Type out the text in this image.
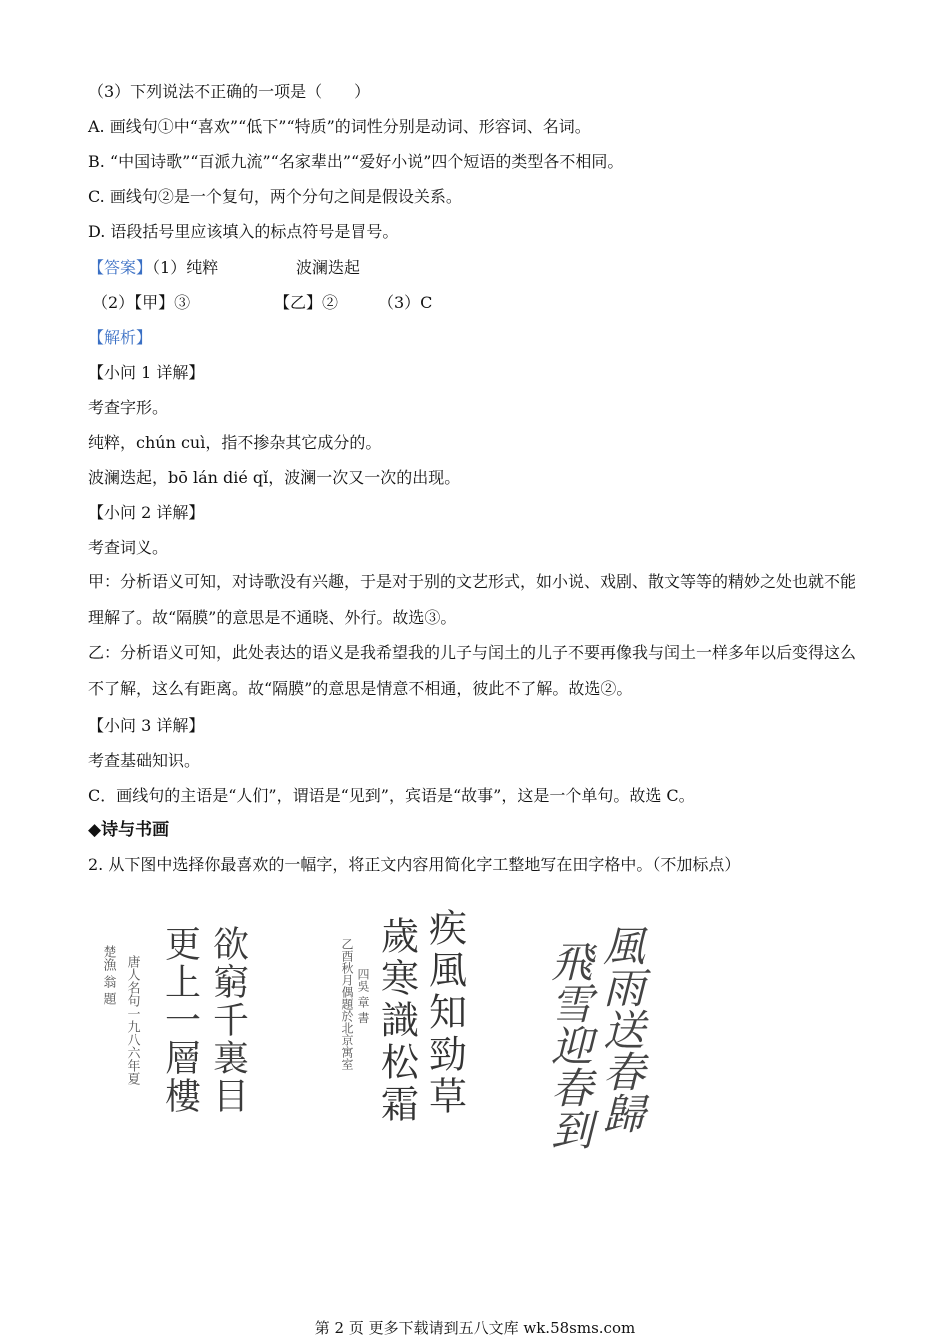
（3）下列说法不正确的一项是（　　）
A. 画线句①中“喜欢”“低下”“特质”的词性分别是动词、形容词、名词。
B. “中国诗歌”“百派九流”“名家辈出”“爱好小说”四个短语的类型各不相同。
C. 画线句②是一个复句，两个分句之间是假设关系。
D. 语段括号里应该填入的标点符号是冒号。
【答案】（1）纯粹	波澜迭起
（2）【甲】③	【乙】② （3）C
【解析】
【小问 1 详解】
考查字形。
纯粹，chún cuì，指不掺杂其它成分的。
波澜迭起，bō lán dié qǐ，波澜一次又一次的出现。
【小问 2 详解】
考查词义。
甲：分析语义可知，对诗歌没有兴趣，于是对于别的文艺形式，如小说、戏剧、散文等等的精妙之处也就不能理解了。故“隔膜”的意思是不通晓、外行。故选③。
乙：分析语义可知，此处表达的语义是我希望我的儿子与闰土的儿子不要再像我与闰土一样多年以后变得这么不了解，这么有距离。故“隔膜”的意思是情意不相通，彼此不了解。故选②。
【小问 3 详解】
考查基础知识。
C．画线句的主语是“人们”，谓语是“见到”，宾语是“故事”，这是一个单句。故选 C。
◆诗与书画
2. 从下图中选择你最喜欢的一幅字，将正文内容用简化字工整地写在田字格中。（不加标点）
楚漁 翁 題 唐人名句一九八六年夏 更上一層樓 欲窮千裏目	乙酉秋月偶題於北京寓室 四吳 章 書 歲寒識松霜 疾風知勁草 飛雪迎春到 風雨送春歸
第 2 页 更多下载请到五八文库 wk.58sms.com
